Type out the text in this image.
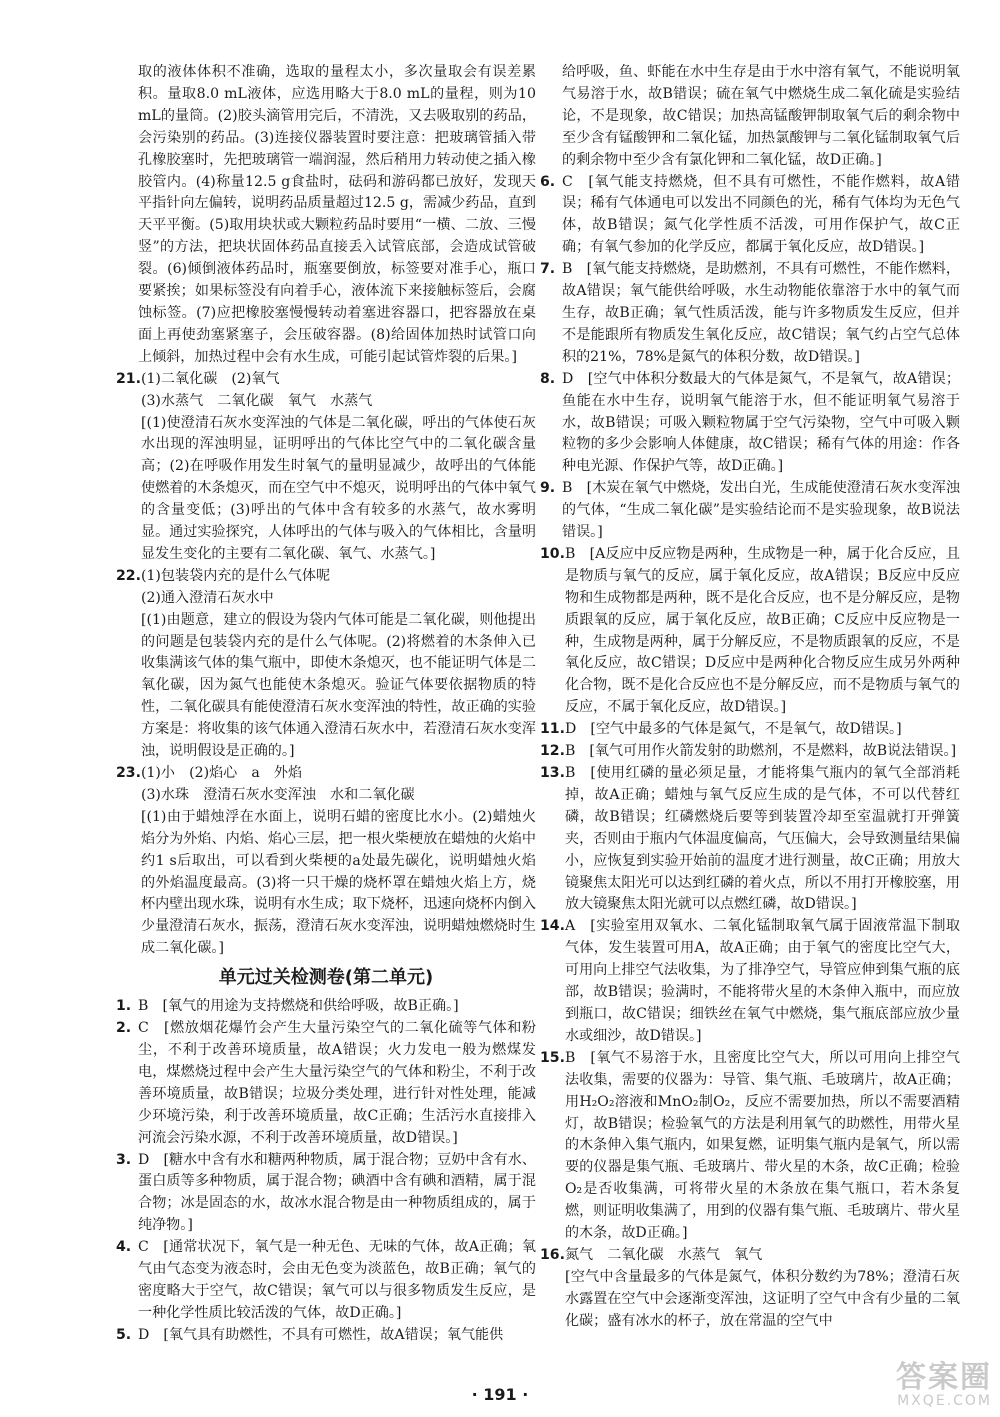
取的液体体积不准确，选取的量程太小，多次量取会有误差累积。量取8.0 mL液体，应选用略大于8.0 mL的量程，则为10 mL的量筒。(2)胶头滴管用完后，不清洗，又去吸取别的药品，会污染别的药品。(3)连接仪器装置时要注意：把玻璃管插入带孔橡胶塞时，先把玻璃管一端润湿，然后稍用力转动使之插入橡胶管内。(4)称量12.5 g食盐时，砝码和游码都已放好，发现天平指针向左偏转，说明药品质量超过12.5 g，需减少药品，直到天平平衡。(5)取用块状或大颗粒药品时要用“一横、二放、三慢竖”的方法，把块状固体药品直接丢入试管底部，会造成试管破裂。(6)倾倒液体药品时，瓶塞要倒放，标签要对准手心，瓶口要紧挨；如果标签没有向着手心，液体流下来接触标签后，会腐蚀标签。(7)应把橡胶塞慢慢转动着塞进容器口，把容器放在桌面上再使劲塞紧塞子，会压破容器。(8)给固体加热时试管口向上倾斜，加热过程中会有水生成，可能引起试管炸裂的后果。]

21. (1)二氧化碳　(2)氧气
(3)水蒸气　二氧化碳　氧气　水蒸气
[(1)使澄清石灰水变浑浊的气体是二氧化碳，呼出的气体使石灰水出现的浑浊明显，证明呼出的气体比空气中的二氧化碳含量高；(2)在呼吸作用发生时氧气的量明显减少，故呼出的气体能使燃着的木条熄灭，而在空气中不熄灭，说明呼出的气体中氧气的含量变低；(3)呼出的气体中含有较多的水蒸气，故水雾明显。通过实验探究，人体呼出的气体与吸入的气体相比，含量明显发生变化的主要有二氧化碳、氧气、水蒸气。]
22. (1)包装袋内充的是什么气体呢
(2)通入澄清石灰水中
[(1)由题意，建立的假设为袋内气体可能是二氧化碳，则他提出的问题是包装袋内充的是什么气体呢。(2)将燃着的木条伸入已收集满该气体的集气瓶中，即使木条熄灭，也不能证明气体是二氧化碳，因为氮气也能使木条熄灭。验证气体要依据物质的特性，二氧化碳具有能使澄清石灰水变浑浊的特性，故正确的实验方案是：将收集的该气体通入澄清石灰水中，若澄清石灰水变浑浊，说明假设是正确的。]
23. (1)小　(2)焰心　a　外焰
(3)水珠　澄清石灰水变浑浊　水和二氧化碳
[(1)由于蜡烛浮在水面上，说明石蜡的密度比水小。(2)蜡烛火焰分为外焰、内焰、焰心三层，把一根火柴梗放在蜡烛的火焰中约1 s后取出，可以看到火柴梗的a处最先碳化，说明蜡烛火焰的外焰温度最高。(3)将一只干燥的烧杯罩在蜡烛火焰上方，烧杯内壁出现水珠，说明有水生成；取下烧杯，迅速向烧杯内倒入少量澄清石灰水，振荡，澄清石灰水变浑浊，说明蜡烛燃烧时生成二氧化碳。]
单元过关检测卷(第二单元)
1. B　 [氧气的用途为支持燃烧和供给呼吸，故B正确。]
2. C　 [燃放烟花爆竹会产生大量污染空气的二氧化硫等气体和粉尘，不利于改善环境质量，故A错误；火力发电一般为燃煤发电，煤燃烧过程中会产生大量污染空气的气体和粉尘，不利于改善环境质量，故B错误；垃圾分类处理，进行针对性处理，能减少环境污染，利于改善环境质量，故C正确；生活污水直接排入河流会污染水源，不利于改善环境质量，故D错误。]
3. D　 [糖水中含有水和糖两种物质，属于混合物；豆奶中含有水、蛋白质等多种物质，属于混合物；碘酒中含有碘和酒精，属于混合物；冰是固态的水，故冰水混合物是由一种物质组成的，属于纯净物。]
4. C　 [通常状况下，氧气是一种无色、无味的气体，故A正确；氧气由气态变为液态时，会由无色变为淡蓝色，故B正确；氧气的密度略大于空气，故C错误；氧气可以与很多物质发生反应，是一种化学性质比较活泼的气体，故D正确。]
5. D　 [氧气具有助燃性，不具有可燃性，故A错误；氧气能供

给呼吸，鱼、虾能在水中生存是由于水中溶有氧气，不能说明氧气易溶于水，故B错误；硫在氧气中燃烧生成二氧化硫是实验结论，不是现象，故C错误；加热高锰酸钾制取氧气后的剩余物中至少含有锰酸钾和二氧化锰，加热氯酸钾与二氧化锰制取氧气后的剩余物中至少含有氯化钾和二氧化锰，故D正确。]

6. C　 [氧气能支持燃烧，但不具有可燃性，不能作燃料，故A错误；稀有气体通电可以发出不同颜色的光，稀有气体均为无色气体，故B错误；氮气化学性质不活泼，可用作保护气，故C正确；有氧气参加的化学反应，都属于氧化反应，故D错误。]
7. B　 [氧气能支持燃烧，是助燃剂，不具有可燃性，不能作燃料，故A错误；氧气能供给呼吸，水生动物能依靠溶于水中的氧气而生存，故B正确；氧气性质活泼，能与许多物质发生反应，但并不是能跟所有物质发生氧化反应，故C错误；氧气约占空气总体积的21%，78%是氮气的体积分数，故D错误。]
8. D　 [空气中体积分数最大的气体是氮气，不是氧气，故A错误；鱼能在水中生存，说明氧气能溶于水，但不能证明氧气易溶于水，故B错误；可吸入颗粒物属于空气污染物，空气中可吸入颗粒物的多少会影响人体健康，故C错误；稀有气体的用途：作各种电光源、作保护气等，故D正确。]
9. B　 [木炭在氧气中燃烧，发出白光，生成能使澄清石灰水变浑浊的气体，“生成二氧化碳”是实验结论而不是实验现象，故B说法错误。]
10. B　 [A反应中反应物是两种，生成物是一种，属于化合反应，且是物质与氧气的反应，属于氧化反应，故A错误；B反应中反应物和生成物都是两种，既不是化合反应，也不是分解反应，是物质跟氧的反应，属于氧化反应，故B正确；C反应中反应物是一种，生成物是两种，属于分解反应，不是物质跟氧的反应，不是氧化反应，故C错误；D反应中是两种化合物反应生成另外两种化合物，既不是化合反应也不是分解反应，而不是物质与氧气的反应，不属于氧化反应，故D错误。]
11. D　 [空气中最多的气体是氮气，不是氧气，故D错误。]
12. B　 [氧气可用作火箭发射的助燃剂，不是燃料，故B说法错误。]
13. B　 [使用红磷的量必须足量，才能将集气瓶内的氧气全部消耗掉，故A正确；蜡烛与氧气反应生成的是气体，不可以代替红磷，故B错误；红磷燃烧后要等到装置冷却至室温就打开弹簧夹，否则由于瓶内气体温度偏高，气压偏大，会导致测量结果偏小，应恢复到实验开始前的温度才进行测量，故C正确；用放大镜聚焦太阳光可以达到红磷的着火点，所以不用打开橡胶塞，用放大镜聚焦太阳光就可以点燃红磷，故D错误。]
14. A　 [实验室用双氧水、二氧化锰制取氧气属于固液常温下制取气体，发生装置可用A，故A正确；由于氧气的密度比空气大，可用向上排空气法收集，为了排净空气，导管应伸到集气瓶的底部，故B错误；验满时，不能将带火星的木条伸入瓶中，而应放到瓶口，故C错误；细铁丝在氧气中燃烧，集气瓶底部应放少量水或细沙，故D错误。]
15. B　 [氧气不易溶于水，且密度比空气大，所以可用向上排空气法收集，需要的仪器为：导管、集气瓶、毛玻璃片，故A正确；用H₂O₂溶液和MnO₂制O₂，反应不需要加热，所以不需要酒精灯，故B错误；检验氧气的方法是利用氧气的助燃性，用带火星的木条伸入集气瓶内，如果复燃，证明集气瓶内是氧气，所以需要的仪器是集气瓶、毛玻璃片、带火星的木条，故C正确；检验O₂是否收集满，可将带火星的木条放在集气瓶口，若木条复燃，则证明收集满了，用到的仪器有集气瓶、毛玻璃片、带火星的木条，故D正确。]
16. 氮气　二氧化碳　水蒸气　氧气
[空气中含量最多的气体是氮气，体积分数约为78%；澄清石灰水露置在空气中会逐渐变浑浊，这证明了空气中含有少量的二氧化碳；盛有冰水的杯子，放在常温的空气中
· 191 ·	答案圈
MXQE.COM
